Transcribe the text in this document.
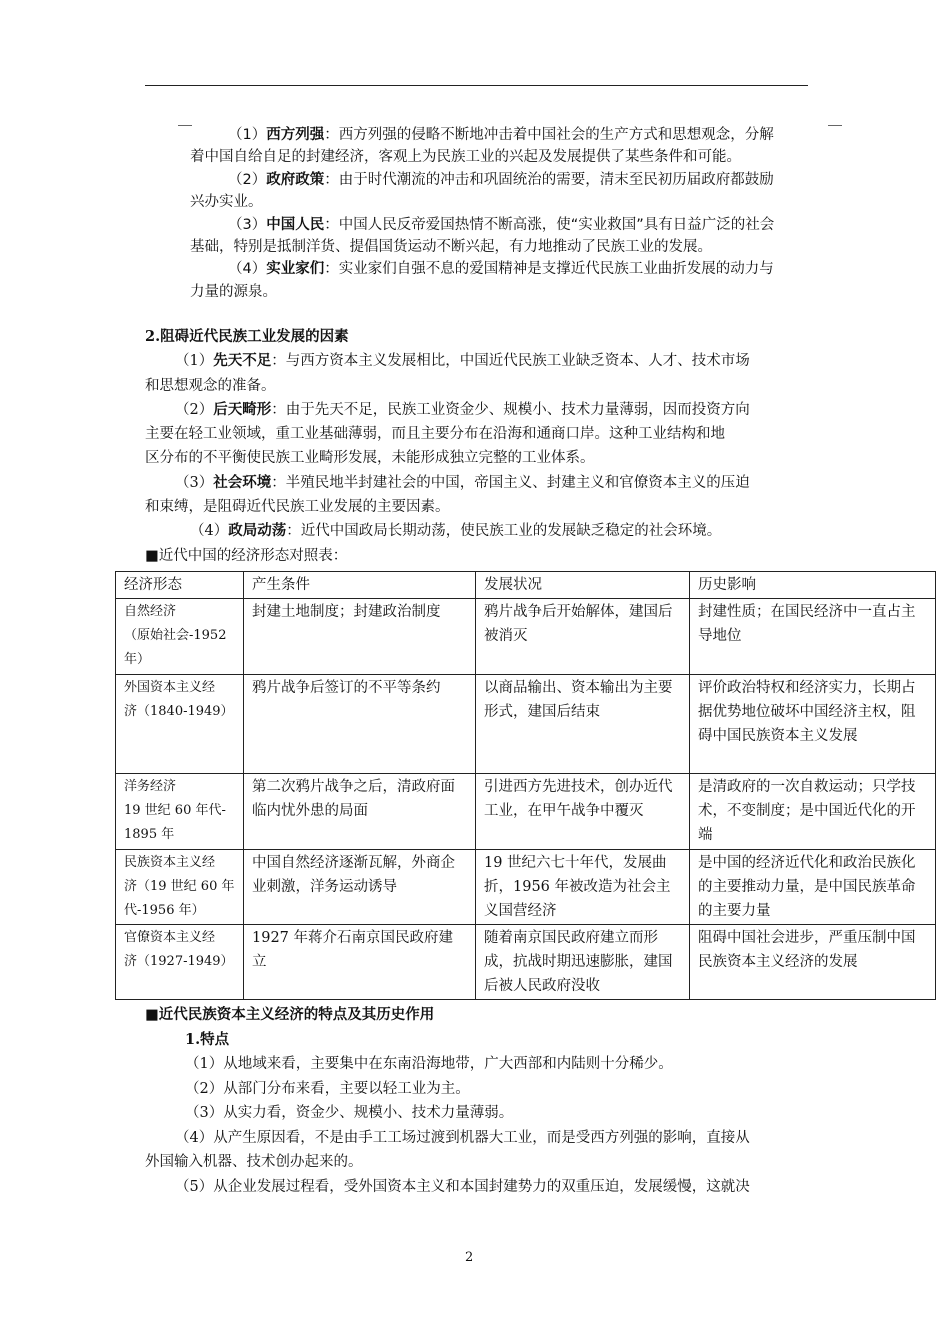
（1）西方列强：西方列强的侵略不断地冲击着中国社会的生产方式和思想观念，分解

着中国自给自足的封建经济，客观上为民族工业的兴起及发展提供了某些条件和可能。

（2）政府政策：由于时代潮流的冲击和巩固统治的需要，清末至民初历届政府都鼓励

兴办实业。

（3）中国人民：中国人民反帝爱国热情不断高涨，使“实业救国”具有日益广泛的社会

基础，特别是抵制洋货、提倡国货运动不断兴起，有力地推动了民族工业的发展。

（4）实业家们：实业家们自强不息的爱国精神是支撑近代民族工业曲折发展的动力与

力量的源泉。

2.阻碍近代民族工业发展的因素

（1）先天不足：与西方资本主义发展相比，中国近代民族工业缺乏资本、人才、技术市场

和思想观念的准备。

（2）后天畸形：由于先天不足，民族工业资金少、规模小、技术力量薄弱，因而投资方向

主要在轻工业领域，重工业基础薄弱，而且主要分布在沿海和通商口岸。这种工业结构和地

区分布的不平衡使民族工业畸形发展，未能形成独立完整的工业体系。

（3）社会环境：半殖民地半封建社会的中国，帝国主义、封建主义和官僚资本主义的压迫

和束缚，是阻碍近代民族工业发展的主要因素。

（4）政局动荡：近代中国政局长期动荡，使民族工业的发展缺乏稳定的社会环境。

■近代中国的经济形态对照表：

经济形态	产生条件	发展状况	历史影响

自然经济
（原始社会-1952
年）	封建土地制度；封建政治制度	鸦片战争后开始解体，建国后被消灭	封建性质；在国民经济中一直占主导地位

外国资本主义经
济（1840-1949）	鸦片战争后签订的不平等条约	以商品输出、资本输出为主要形式，建国后结束	评价政治特权和经济实力，长期占据优势地位破坏中国经济主权，阻碍中国民族资本主义发展

洋务经济
19 世纪 60 年代-
1895 年	第二次鸦片战争之后，清政府面临内忧外患的局面	引进西方先进技术，创办近代工业，在甲午战争中覆灭	是清政府的一次自救运动；只学技术，不变制度；是中国近代化的开端

民族资本主义经
济（19 世纪 60 年
代-1956 年）	中国自然经济逐渐瓦解，外商企业刺激，洋务运动诱导	19 世纪六七十年代，发展曲折，1956 年被改造为社会主义国营经济	是中国的经济近代化和政治民族化的主要推动力量，是中国民族革命的主要力量

官僚资本主义经
济（1927-1949）	1927 年蒋介石南京国民政府建立	随着南京国民政府建立而形成，抗战时期迅速膨胀，建国后被人民政府没收	阻碍中国社会进步，严重压制中国民族资本主义经济的发展

■近代民族资本主义经济的特点及其历史作用

1.特点

（1）从地域来看，主要集中在东南沿海地带，广大西部和内陆则十分稀少。

（2）从部门分布来看，主要以轻工业为主。

（3）从实力看，资金少、规模小、技术力量薄弱。

（4）从产生原因看，不是由手工工场过渡到机器大工业，而是受西方列强的影响，直接从

外国输入机器、技术创办起来的。

（5）从企业发展过程看，受外国资本主义和本国封建势力的双重压迫，发展缓慢，这就决

2
